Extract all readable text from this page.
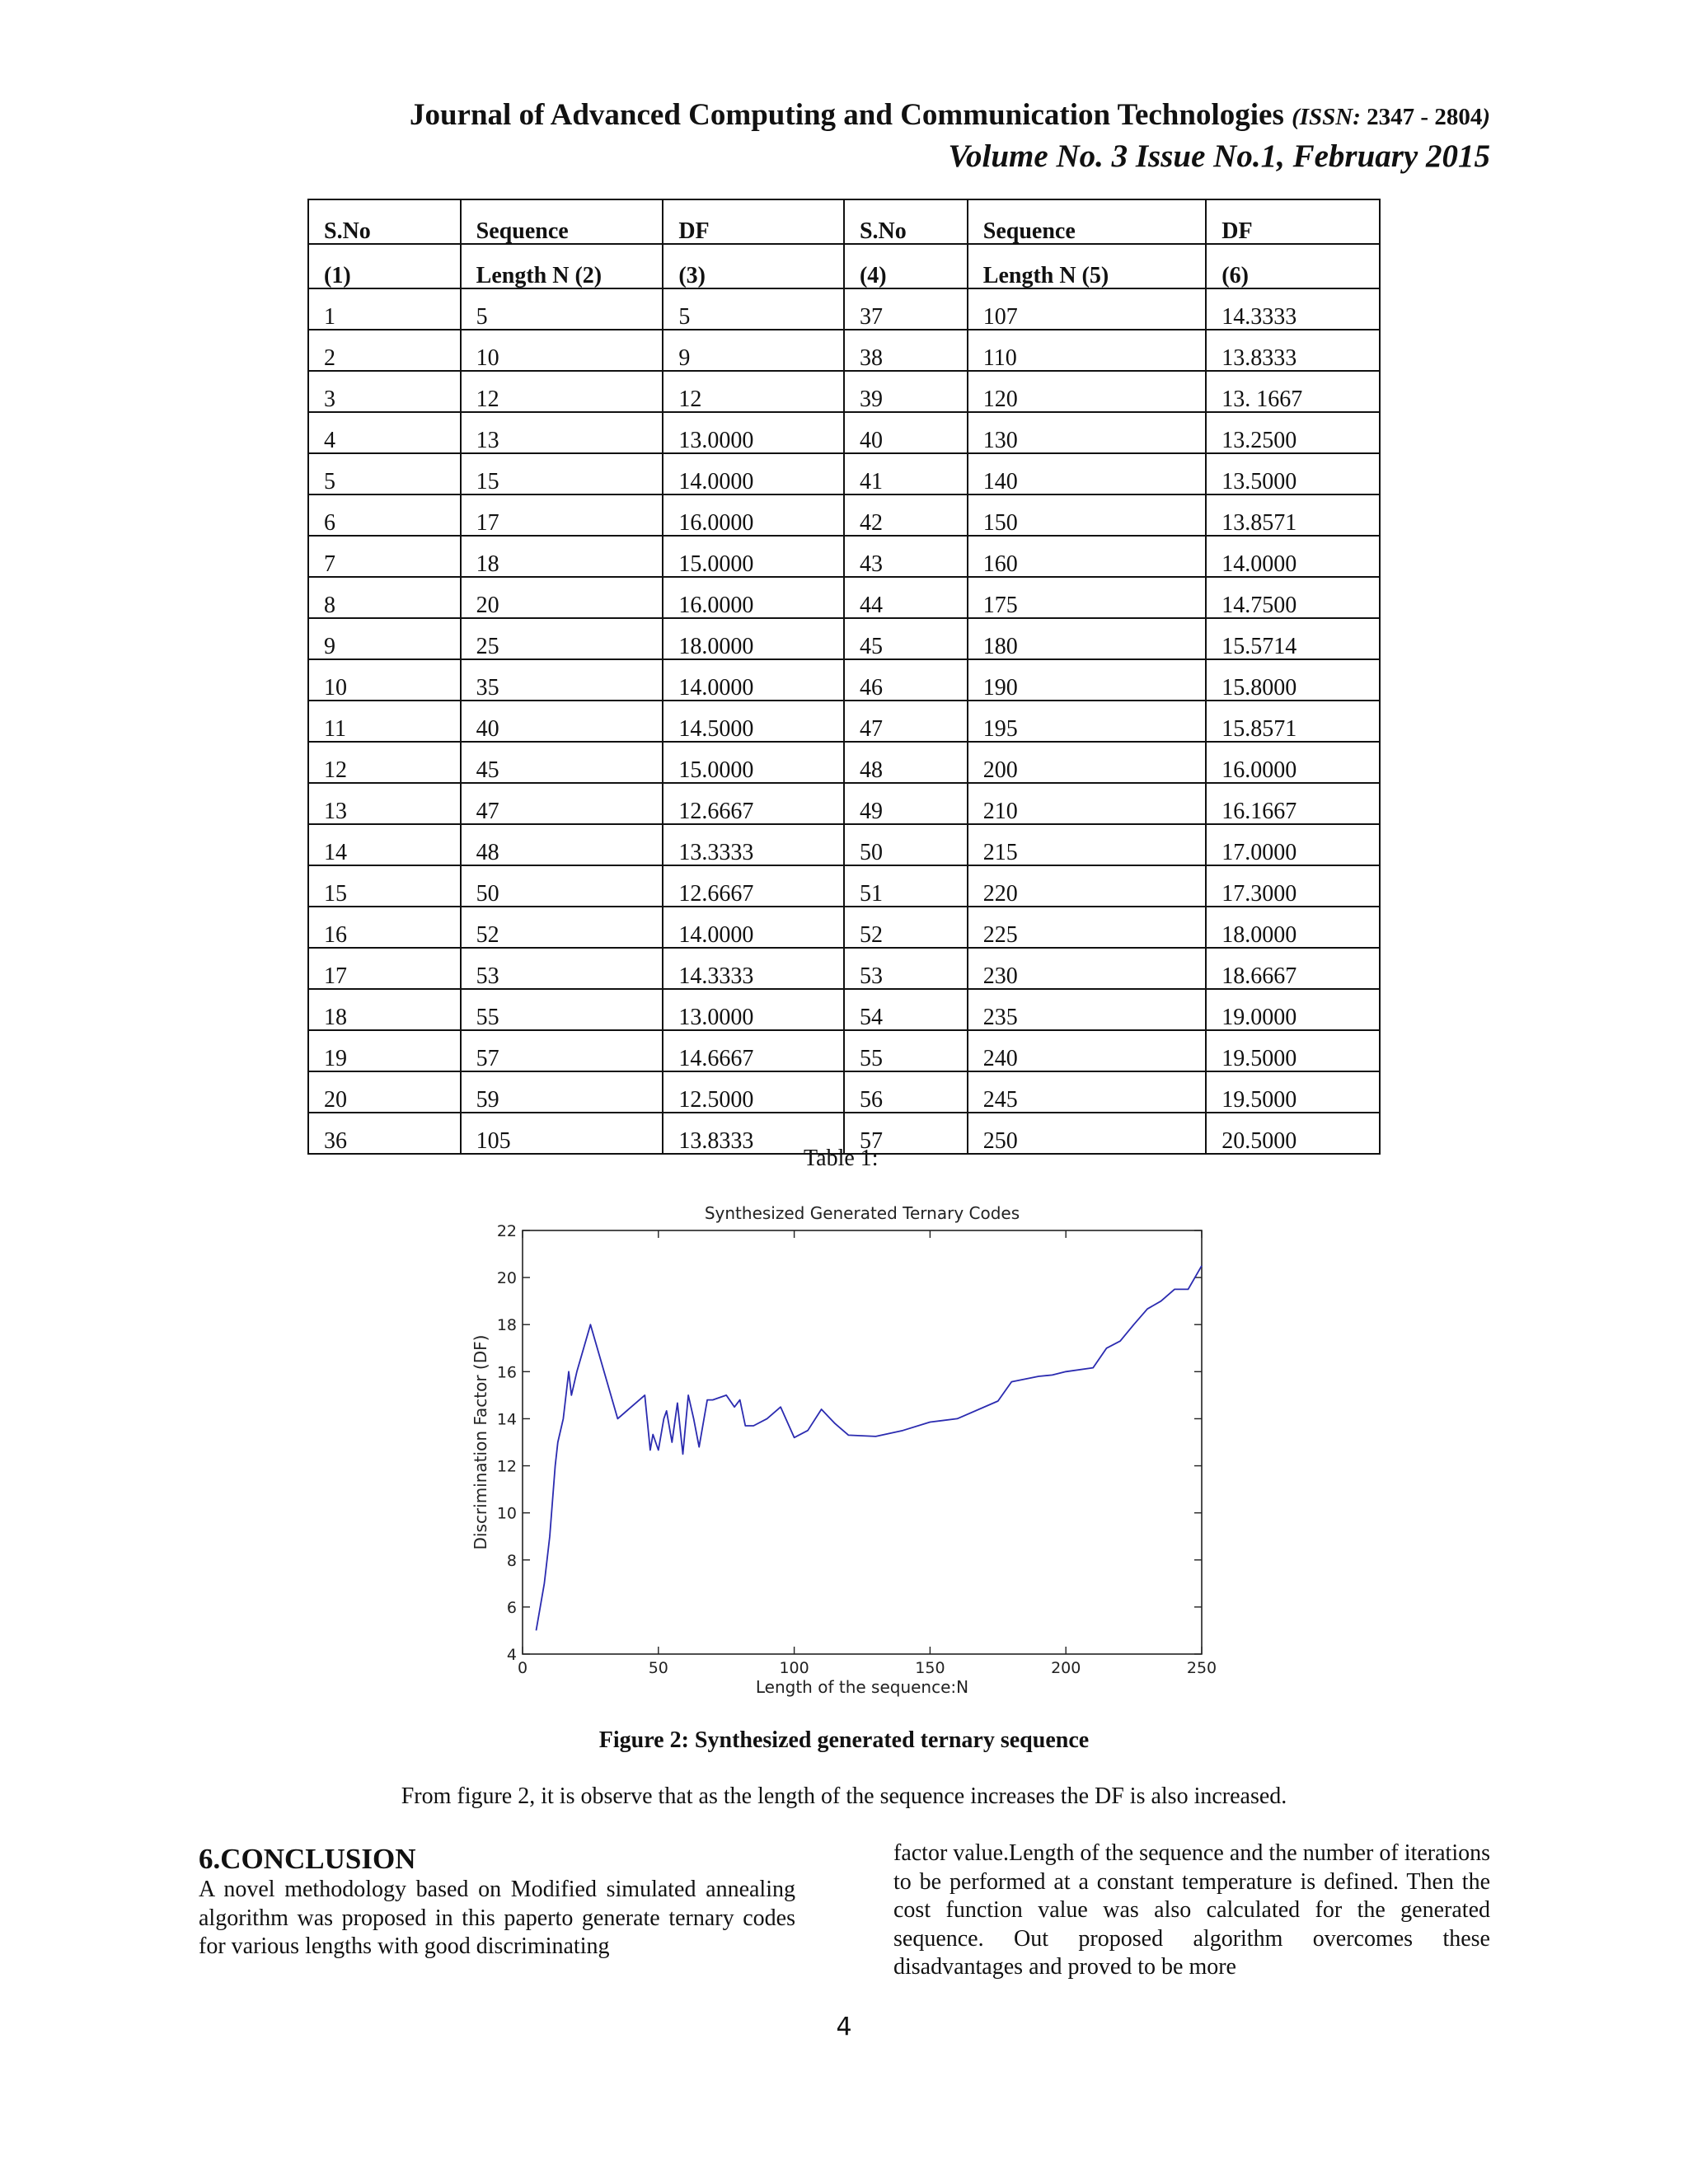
Journal of Advanced Computing and Communication Technologies (ISSN: 2347 - 2804)
Volume No. 3 Issue No.1, February 2015
S.No	Sequence	DF	S.No	Sequence	DF
(1)	Length N (2)	(3)	(4)	Length N (5)	(6)
1	5	5	37	107	14.3333
2	10	9	38	110	13.8333
3	12	12	39	120	13. 1667
4	13	13.0000	40	130	13.2500
5	15	14.0000	41	140	13.5000
6	17	16.0000	42	150	13.8571
7	18	15.0000	43	160	14.0000
8	20	16.0000	44	175	14.7500
9	25	18.0000	45	180	15.5714
10	35	14.0000	46	190	15.8000
11	40	14.5000	47	195	15.8571
12	45	15.0000	48	200	16.0000
13	47	12.6667	49	210	16.1667
14	48	13.3333	50	215	17.0000
15	50	12.6667	51	220	17.3000
16	52	14.0000	52	225	18.0000
17	53	14.3333	53	230	18.6667
18	55	13.0000	54	235	19.0000
19	57	14.6667	55	240	19.5000
20	59	12.5000	56	245	19.5000
36	105	13.8333	57	250	20.5000
Table 1:
0	50	100	150	200	250
4
6
8
10
12
14
16
18
20
22
Synthesized Generated Ternary Codes
Length of the sequence:N
Discrimination Factor (DF)
Figure 2: Synthesized generated ternary sequence
From figure 2, it is observe that as the length of the sequence increases the DF is also increased.
6.CONCLUSION
A novel methodology based on Modified simulated annealing algorithm was proposed in this paperto generate ternary codes for various lengths with good discriminating
factor value.Length of the sequence and the number of iterations to be performed at a constant temperature is defined. Then the cost function value was also calculated for the generated sequence. Out proposed algorithm overcomes these disadvantages and proved to be more
4
